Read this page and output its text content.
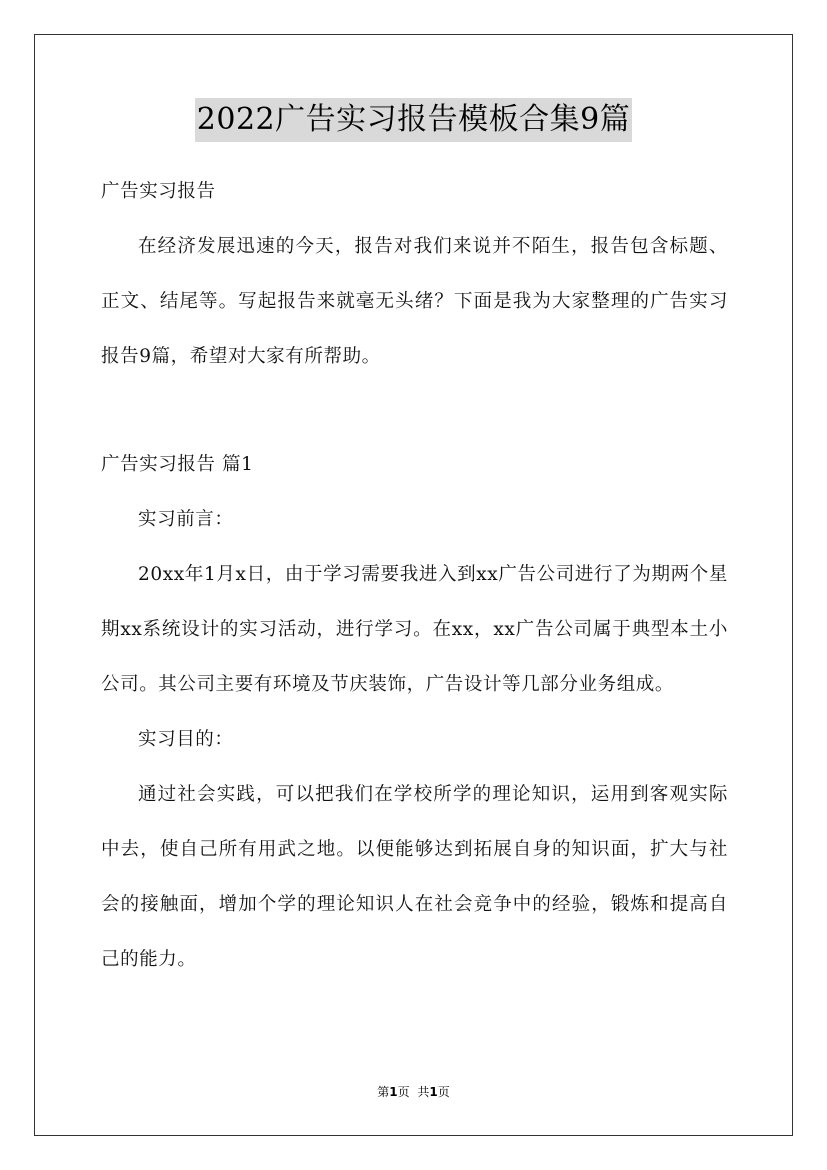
2022广告实习报告模板合集9篇

广告实习报告

在经济发展迅速的今天，报告对我们来说并不陌生，报告包含标题、正文、结尾等。写起报告来就毫无头绪？下面是我为大家整理的广告实习报告9篇，希望对大家有所帮助。

广告实习报告 篇1

实习前言：

20xx年1月x日，由于学习需要我进入到xx广告公司进行了为期两个星期xx系统设计的实习活动，进行学习。在xx，xx广告公司属于典型本土小公司。其公司主要有环境及节庆装饰，广告设计等几部分业务组成。

实习目的：

通过社会实践，可以把我们在学校所学的理论知识，运用到客观实际中去，使自己所有用武之地。以便能够达到拓展自身的知识面，扩大与社会的接触面，增加个学的理论知识人在社会竞争中的经验，锻炼和提高自己的能力。

第1页 共1页
